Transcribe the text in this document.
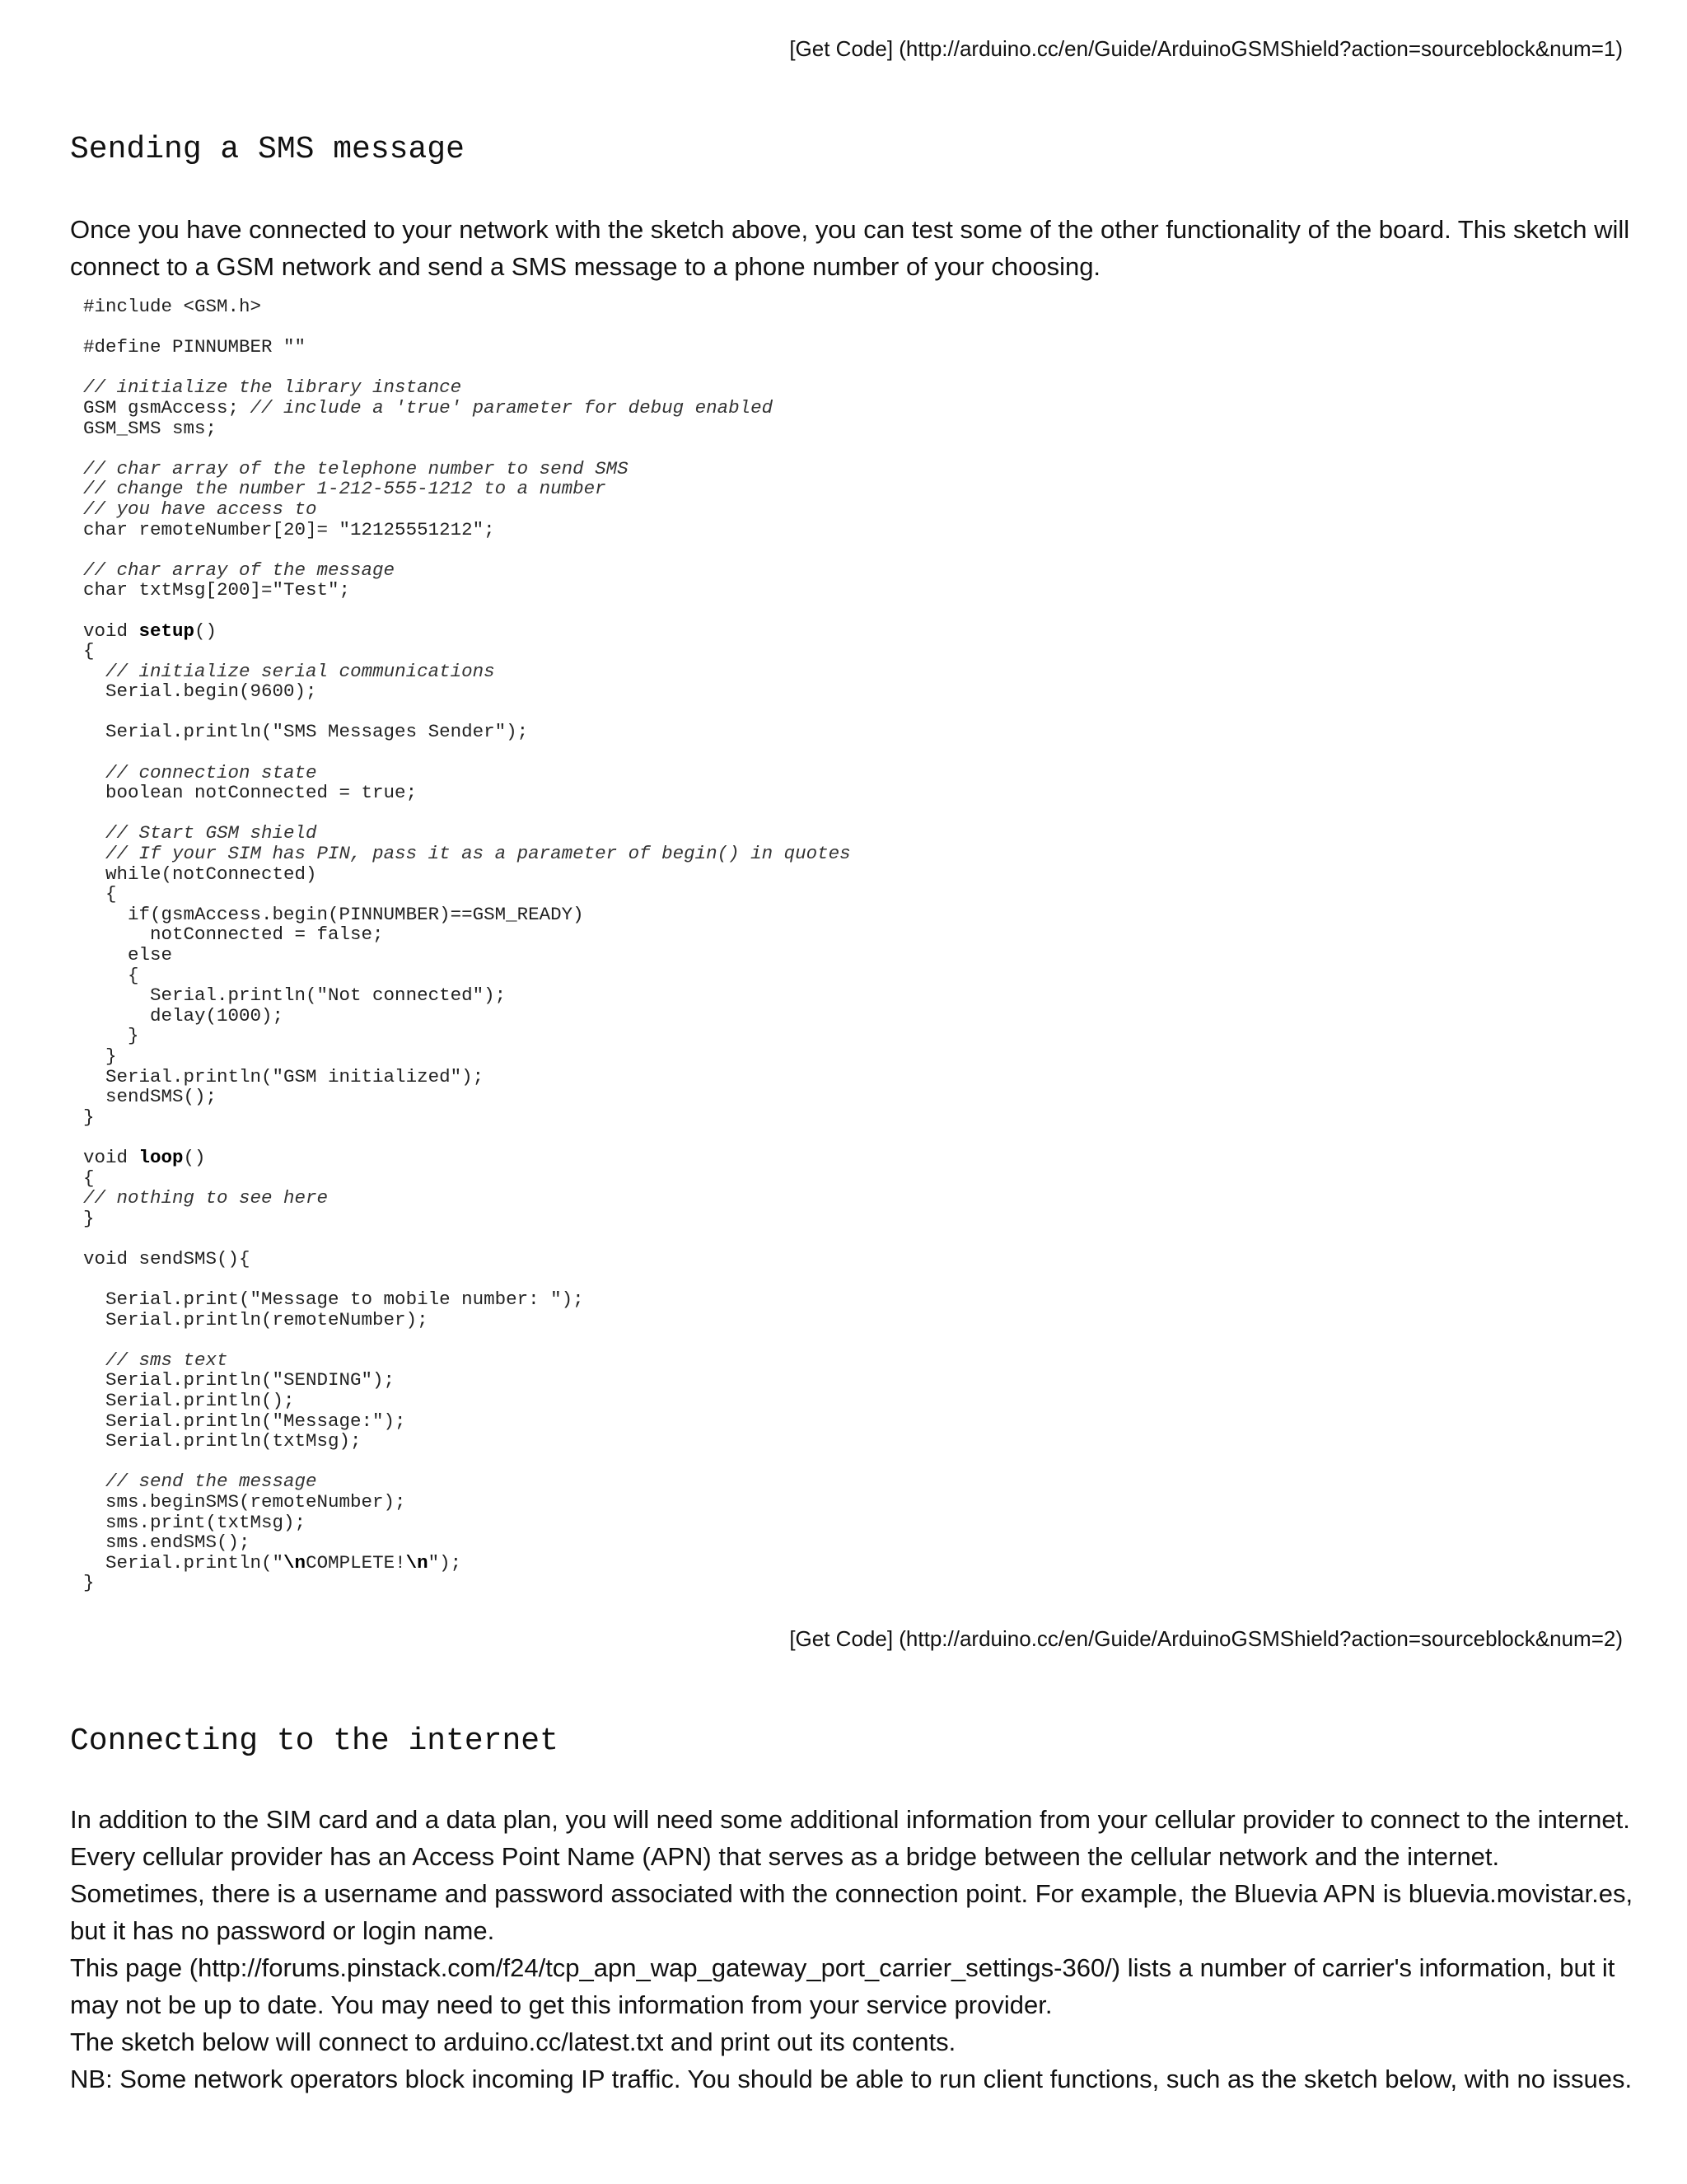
[Get Code] (http://arduino.cc/en/Guide/ArduinoGSMShield?action=sourceblock&num=1)
Sending a SMS message

Once you have connected to your network with the sketch above, you can test some of the other functionality of the board. This sketch will connect to a GSM network and send a SMS message to a phone number of your choosing.

#include <GSM.h>

#define PINNUMBER ""

// initialize the library instance
GSM gsmAccess; // include a 'true' parameter for debug enabled
GSM_SMS sms;

// char array of the telephone number to send SMS
// change the number 1-212-555-1212 to a number
// you have access to
char remoteNumber[20]= "12125551212";

// char array of the message
char txtMsg[200]="Test";

void setup()
{
// initialize serial communications
Serial.begin(9600);

Serial.println("SMS Messages Sender");

// connection state
boolean notConnected = true;

// Start GSM shield
// If your SIM has PIN, pass it as a parameter of begin() in quotes
while(notConnected)
{
if(gsmAccess.begin(PINNUMBER)==GSM_READY)
notConnected = false;
else
{
Serial.println("Not connected");
delay(1000);
}
}
Serial.println("GSM initialized");
sendSMS();
}

void loop()
{
// nothing to see here
}

void sendSMS(){

Serial.print("Message to mobile number: ");
Serial.println(remoteNumber);

// sms text
Serial.println("SENDING");
Serial.println();
Serial.println("Message:");
Serial.println(txtMsg);

// send the message
sms.beginSMS(remoteNumber);
sms.print(txtMsg);
sms.endSMS();
Serial.println("\nCOMPLETE!\n");
}

[Get Code] (http://arduino.cc/en/Guide/ArduinoGSMShield?action=sourceblock&num=2)
Connecting to the internet

In addition to the SIM card and a data plan, you will need some additional information from your cellular provider to connect to the internet. Every cellular provider has an Access Point Name (APN) that serves as a bridge between the cellular network and the internet. Sometimes, there is a username and password associated with the connection point. For example, the Bluevia APN is bluevia.movistar.es, but it has no password or login name.

This page (http://forums.pinstack.com/f24/tcp_apn_wap_gateway_port_carrier_settings-360/) lists a number of carrier's information, but it may not be up to date. You may need to get this information from your service provider.

The sketch below will connect to arduino.cc/latest.txt and print out its contents.

NB: Some network operators block incoming IP traffic. You should be able to run client functions, such as the sketch below, with no issues.
